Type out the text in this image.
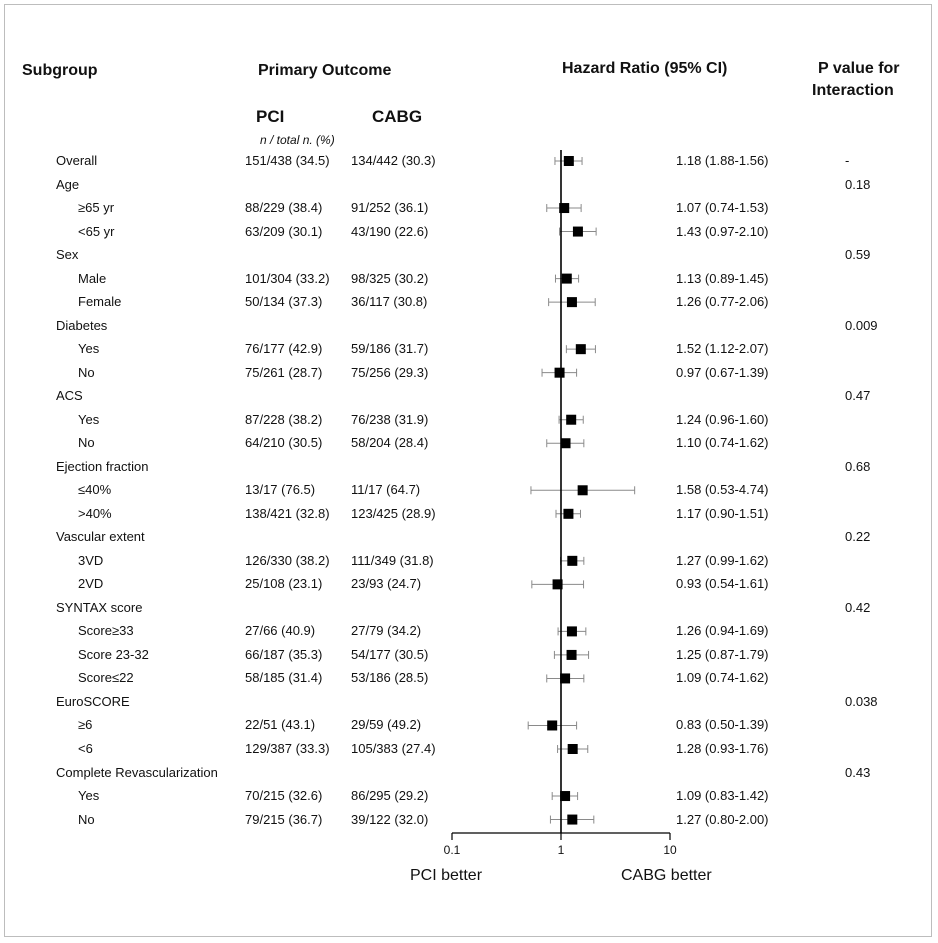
Subgroup	Primary Outcome	Hazard Ratio (95% CI)	P value for
Interaction
PCI	CABG
n / total n. (%)
Overall	151/438 (34.5) 134/442 (30.3)	1.18 (1.88-1.56)	-
Age	0.18
≥65 yr	88/229 (38.4) 91/252 (36.1)	1.07 (0.74-1.53)
<65 yr	63/209 (30.1) 43/190 (22.6)	1.43 (0.97-2.10)
Sex	0.59
Male	101/304 (33.2) 98/325 (30.2)	1.13 (0.89-1.45)
Female	50/134 (37.3) 36/117 (30.8)	1.26 (0.77-2.06)
Diabetes	0.009
Yes	76/177 (42.9) 59/186 (31.7)	1.52 (1.12-2.07)
No	75/261 (28.7) 75/256 (29.3)	0.97 (0.67-1.39)
ACS	0.47
Yes	87/228 (38.2) 76/238 (31.9)	1.24 (0.96-1.60)
No	64/210 (30.5) 58/204 (28.4)	1.10 (0.74-1.62)
Ejection fraction	0.68
≤40%	13/17 (76.5)	11/17 (64.7)	1.58 (0.53-4.74)
>40%	138/421 (32.8) 123/425 (28.9)	1.17 (0.90-1.51)
Vascular extent	0.22
3VD	126/330 (38.2) 111/349 (31.8)	1.27 (0.99-1.62)
2VD	25/108 (23.1) 23/93 (24.7)	0.93 (0.54-1.61)
SYNTAX score	0.42
Score≥33	27/66 (40.9)	27/79 (34.2)	1.26 (0.94-1.69)
Score 23-32	66/187 (35.3) 54/177 (30.5)	1.25 (0.87-1.79)
Score≤22	58/185 (31.4) 53/186 (28.5)	1.09 (0.74-1.62)
EuroSCORE	0.038
≥6	22/51 (43.1)	29/59 (49.2)	0.83 (0.50-1.39)
<6	129/387 (33.3) 105/383 (27.4)	1.28 (0.93-1.76)
Complete Revascularization	0.43
Yes	70/215 (32.6) 86/295 (29.2)	1.09 (0.83-1.42)
No	79/215 (36.7) 39/122 (32.0)	1.27 (0.80-2.00)
0.1	1	10
PCI better	CABG better
